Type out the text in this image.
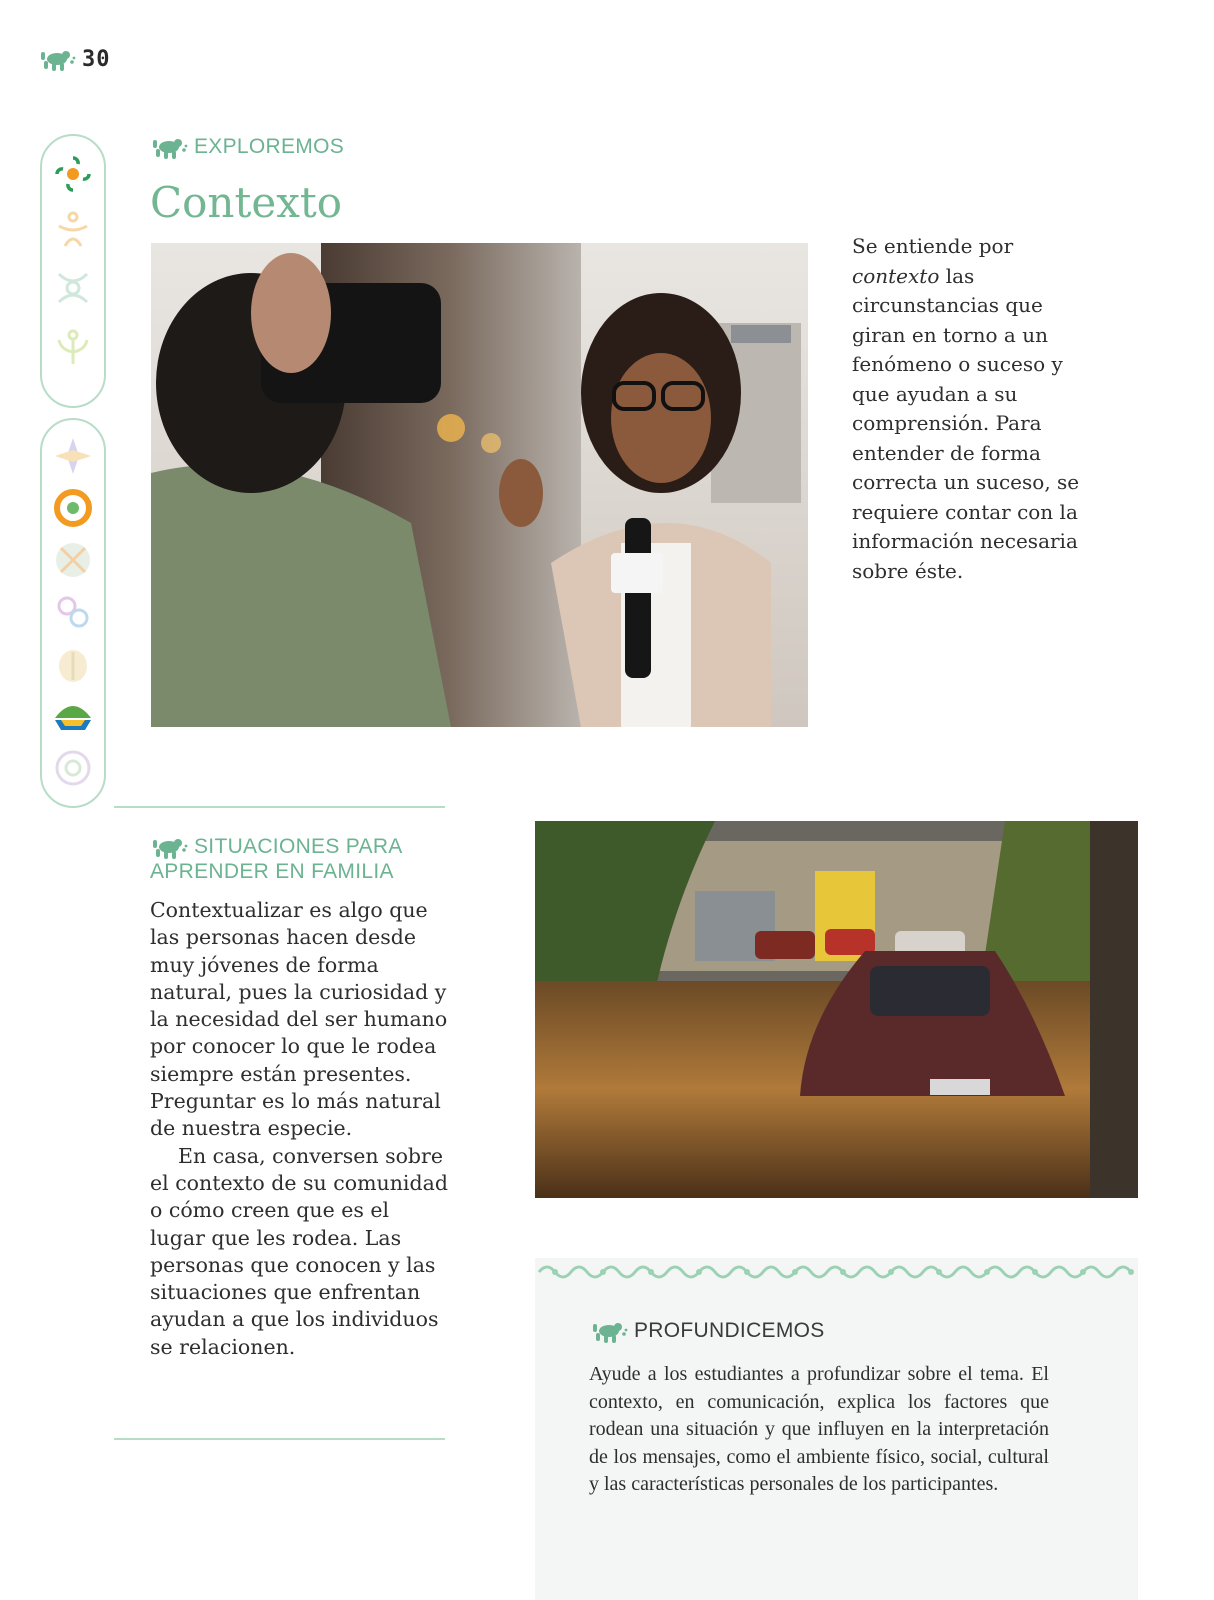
30
EXPLOREMOS
Contexto
Se entiende por contexto las circunstancias que giran en torno a un fenómeno o suceso y que ayudan a su comprensión. Para entender de forma correcta un suceso, se requiere contar con la información necesaria sobre éste.
SITUACIONES PARA
APRENDER EN FAMILIA

Contextualizar es algo que las personas hacen desde muy jóvenes de forma natural, pues la curiosidad y la necesidad del ser humano por conocer lo que le rodea siempre están presentes. Preguntar es lo más natural de nuestra especie.

En casa, conversen sobre el contexto de su comunidad o cómo creen que es el lugar que les rodea. Las personas que conocen y las situaciones que enfrentan ayudan a que los individuos se relacionen.

PROFUNDICEMOS

Ayude a los estudiantes a profundizar sobre el tema. El contexto, en comunicación, explica los factores que rodean una situación y que influyen en la interpretación de los mensajes, como el ambiente físico, social, cultural y las características personales de los participantes.
